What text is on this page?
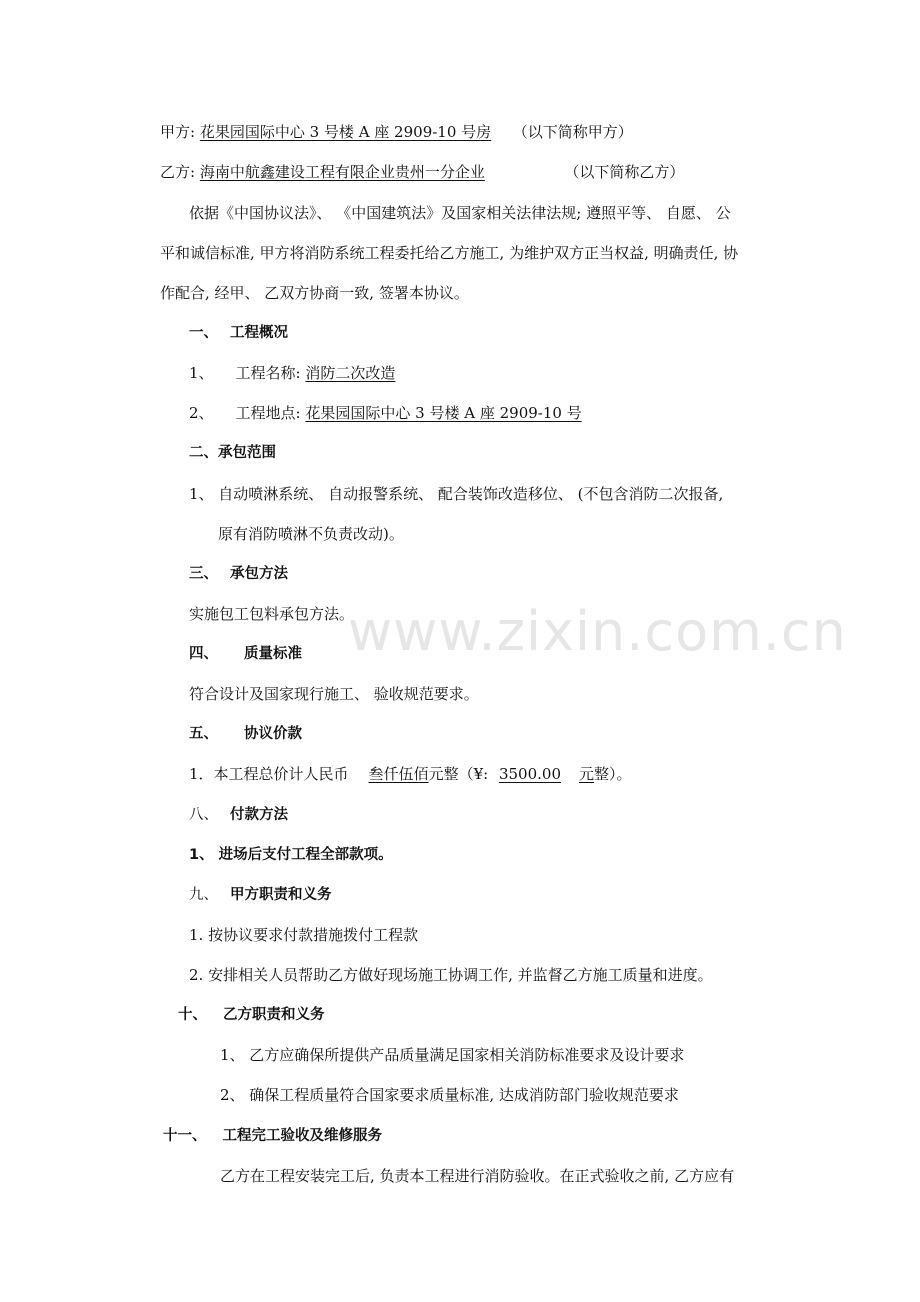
www.zixin.com.cn
甲方: 花果园国际中心 3 号楼 A 座 2909-10 号房 （以下简称甲方）
乙方: 海南中航鑫建设工程有限企业贵州一分企业	（以下简称乙方）
依据《中国协议法》、 《中国建筑法》及国家相关法律法规; 遵照平等、 自愿、 公
平和诚信标准, 甲方将消防系统工程委托给乙方施工, 为维护双方正当权益, 明确责任, 协
作配合, 经甲、 乙双方协商一致, 签署本协议。
一、 工程概况
1、 工程名称: 消防二次改造
2、 工程地点: 花果园国际中心 3 号楼 A 座 2909-10 号
二、承包范围
1、 自动喷淋系统、 自动报警系统、 配合装饰改造移位、 (不包含消防二次报备,
原有消防喷淋不负责改动)。
三、 承包方法
实施包工包料承包方法。
四、 质量标准
符合设计及国家现行施工、 验收规范要求。
五、 协议价款
1．本工程总价计人民币 叁仟伍佰元整（¥: 3500.00 元整）。
八、 付款方法
1、 进场后支付工程全部款项。
九、 甲方职责和义务
1. 按协议要求付款措施拨付工程款
2. 安排相关人员帮助乙方做好现场施工协调工作, 并监督乙方施工质量和进度。
十、 乙方职责和义务
1、 乙方应确保所提供产品质量满足国家相关消防标准要求及设计要求
2、 确保工程质量符合国家要求质量标准, 达成消防部门验收规范要求
十一、 工程完工验收及维修服务
乙方在工程安装完工后, 负责本工程进行消防验收。在正式验收之前, 乙方应有
